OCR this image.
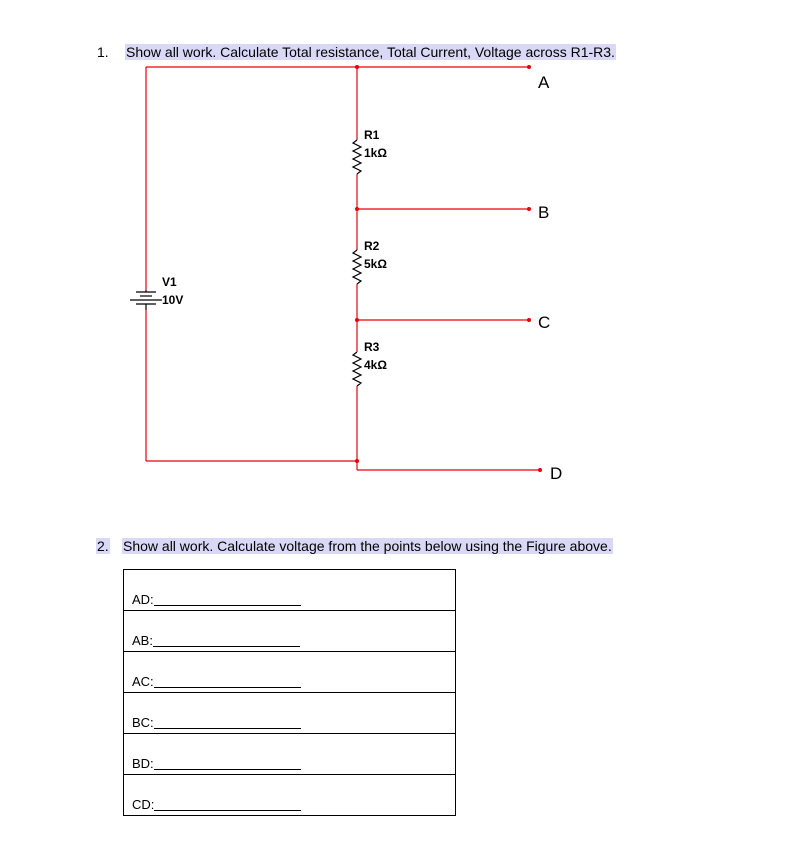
1. Show all work. Calculate Total resistance, Total Current, Voltage across R1-R3.
R1
1kΩ
R2
5kΩ
R3
4kΩ
V1
10V
A
B
C
D
2. Show all work. Calculate voltage from the points below using the Figure above.
AD:
AB:
AC:
BC:
BD:
CD:
